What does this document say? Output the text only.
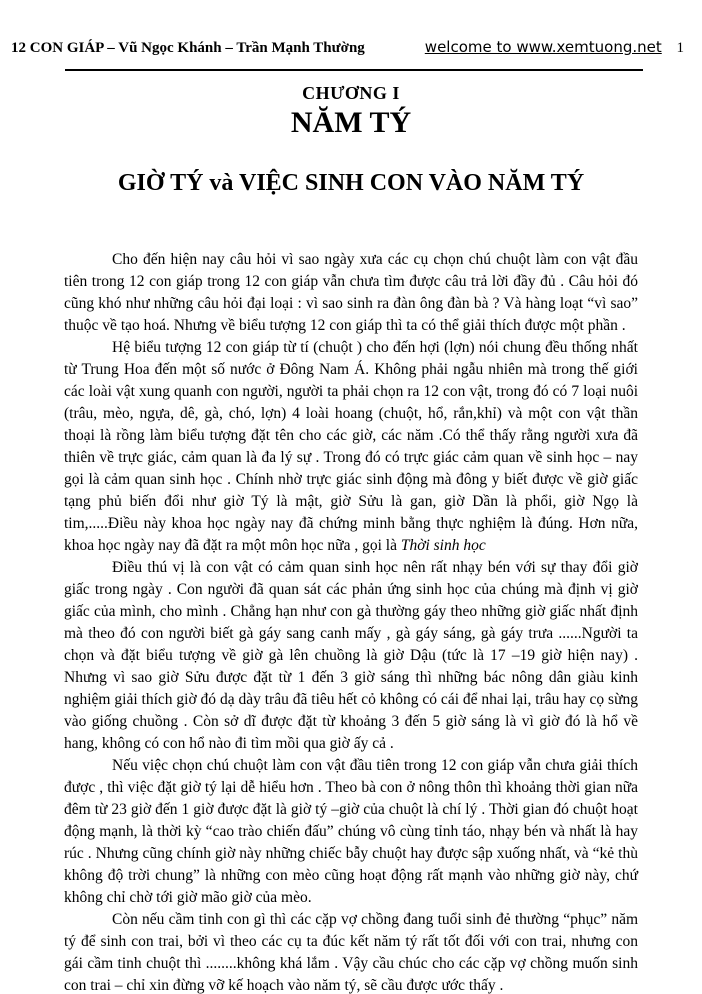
12 CON GIÁP – Vũ Ngọc Khánh – Trần Mạnh Thường	welcome to www.xemtuong.net 1
CHƯƠNG I
NĂM TÝ
GIỜ TÝ và VIỆC SINH CON VÀO NĂM TÝ

Cho đến hiện nay câu hỏi vì sao ngày xưa các cụ chọn chú chuột làm con vật đầu tiên trong 12 con giáp trong 12 con giáp vẫn chưa tìm được câu trả lời đầy đủ . Câu hỏi đó cũng khó như những câu hỏi đại loại : vì sao sinh ra đàn ông đàn bà ? Và hàng loạt “vì sao” thuộc về tạo hoá. Nhưng về biểu tượng 12 con giáp thì ta có thể giải thích được một phần .

Hệ biểu tượng 12 con giáp từ tí (chuột ) cho đến hợi (lợn) nói chung đều thống nhất từ Trung Hoa đến một số nước ở Đông Nam Á. Không phải ngẫu nhiên mà trong thế giới các loài vật xung quanh con người, người ta phải chọn ra 12 con vật, trong đó có 7 loại nuôi (trâu, mèo, ngựa, dê, gà, chó, lợn) 4 loài hoang (chuột, hổ, rắn,khỉ) và một con vật thần thoại là rồng làm biểu tượng đặt tên cho các giờ, các năm .Có thể thấy rằng người xưa đã thiên về trực giác, cảm quan là đa lý sự . Trong đó có trực giác cảm quan về sinh học – nay gọi là cảm quan sinh học . Chính nhờ trực giác sinh động mà đông y biết được về giờ giấc tạng phủ biến đổi như giờ Tý là mật, giờ Sửu là gan, giờ Dần là phổi, giờ Ngọ là tim,.....Điều này khoa học ngày nay đã chứng minh bằng thực nghiệm là đúng. Hơn nữa, khoa học ngày nay đã đặt ra một môn học nữa , gọi là Thời sinh học

Điều thú vị là con vật có cảm quan sinh học nên rất nhạy bén với sự thay đổi giờ giấc trong ngày . Con người đã quan sát các phản ứng sinh học của chúng mà định vị giờ giấc của mình, cho mình . Chẳng hạn như con gà thường gáy theo những giờ giấc nhất định mà theo đó con người biết gà gáy sang canh mấy , gà gáy sáng, gà gáy trưa ......Người ta chọn và đặt biểu tượng về giờ gà lên chuồng là giờ Dậu (tức là 17 –19 giờ hiện nay) . Nhưng vì sao giờ Sửu được đặt từ 1 đến 3 giờ sáng thì những bác nông dân giàu kinh nghiệm giải thích giờ đó dạ dày trâu đã tiêu hết cỏ không có cái để nhai lại, trâu hay cọ sừng vào giống chuồng . Còn sở dĩ được đặt từ khoảng 3 đến 5 giờ sáng là vì giờ đó là hổ về hang, không có con hổ nào đi tìm mồi qua giờ ấy cả .

Nếu việc chọn chú chuột làm con vật đầu tiên trong 12 con giáp vẫn chưa giải thích được , thì việc đặt giờ tý lại dễ hiểu hơn . Theo bà con ở nông thôn thì khoảng thời gian nữa đêm từ 23 giờ đến 1 giờ được đặt là giờ tý –giờ của chuột là chí lý . Thời gian đó chuột hoạt động mạnh, là thời kỳ “cao trào chiến đấu” chúng vô cùng tỉnh táo, nhạy bén và nhất là hay rúc . Nhưng cũng chính giờ này những chiếc bẫy chuột hay được sập xuống nhất, và “kẻ thù không độ trời chung” là những con mèo cũng hoạt động rất mạnh vào những giờ này, chứ không chỉ chờ tới giờ mão giờ của mèo.

Còn nếu cầm tinh con gì thì các cặp vợ chồng đang tuổi sinh đẻ thường “phục” năm tý để sinh con trai, bởi vì theo các cụ ta đúc kết năm tý rất tốt đối với con trai, nhưng con gái cầm tinh chuột thì ........không khá lắm . Vậy cầu chúc cho các cặp vợ chồng muốn sinh con trai – chỉ xin đừng vỡ kế hoạch vào năm tý, sẽ cầu được ước thấy .
